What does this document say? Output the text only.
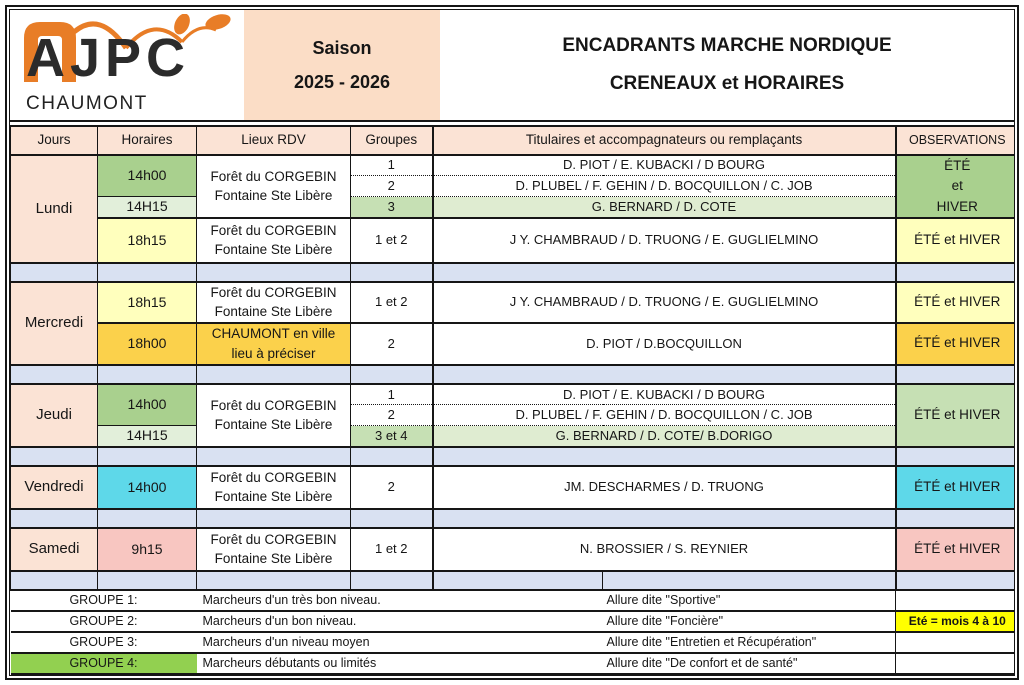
AJPC
CHAUMONT
Saison
2025 - 2026
ENCADRANTS MARCHE NORDIQUE
CRENEAUX et HORAIRES
Jours	Horaires	Lieux RDV	Groupes	Titulaires et accompagnateurs ou remplaçants		OBSERVATIONS
Lundi	14h00	Forêt du CORGEBIN
Fontaine Ste Libère	1	D. PIOT / E. KUBACKI / D BOURG		ÉTÉ
et
HIVER

			2	D. PLUBEL / F. GEHIN / D. BOCQUILLON / C. JOB		
	14H15		3	G. BERNARD / D. COTE		
	18h15	Forêt du CORGEBIN
Fontaine Ste Libère	1 et 2	J Y. CHAMBRAUD / D. TRUONG / E. GUGLIELMINO		ÉTÉ et HIVER

Mercredi	18h15	Forêt du CORGEBIN
Fontaine Ste Libère	1 et 2	J Y. CHAMBRAUD / D. TRUONG / E. GUGLIELMINO		ÉTÉ et HIVER
	18h00	CHAUMONT en ville
lieu à préciser	2	D. PIOT / D.BOCQUILLON		ÉTÉ et HIVER

Jeudi	14h00	Forêt du CORGEBIN
Fontaine Ste Libère	1	D. PIOT / E. KUBACKI / D BOURG		ÉTÉ et HIVER
			2	D. PLUBEL / F. GEHIN / D. BOCQUILLON / C. JOB		
	14H15		3 et 4	G. BERNARD / D. COTE/ B.DORIGO		

Vendredi	14h00	Forêt du CORGEBIN
Fontaine Ste Libère	2	JM. DESCHARMES / D. TRUONG		ÉTÉ et HIVER

Samedi	9h15	Forêt du CORGEBIN
Fontaine Ste Libère	1 et 2	N. BROSSIER / S. REYNIER		ÉTÉ et HIVER

GROUPE 1:		Marcheurs d'un très bon niveau.			Allure dite "Sportive"	
GROUPE 2:		Marcheurs d'un bon niveau.			Allure dite "Foncière"	Eté = mois 4 à 10
GROUPE 3:		Marcheurs d'un niveau moyen			Allure dite "Entretien et Récupération"	
GROUPE 4:		Marcheurs débutants ou limités			Allure dite "De confort et de santé"	
